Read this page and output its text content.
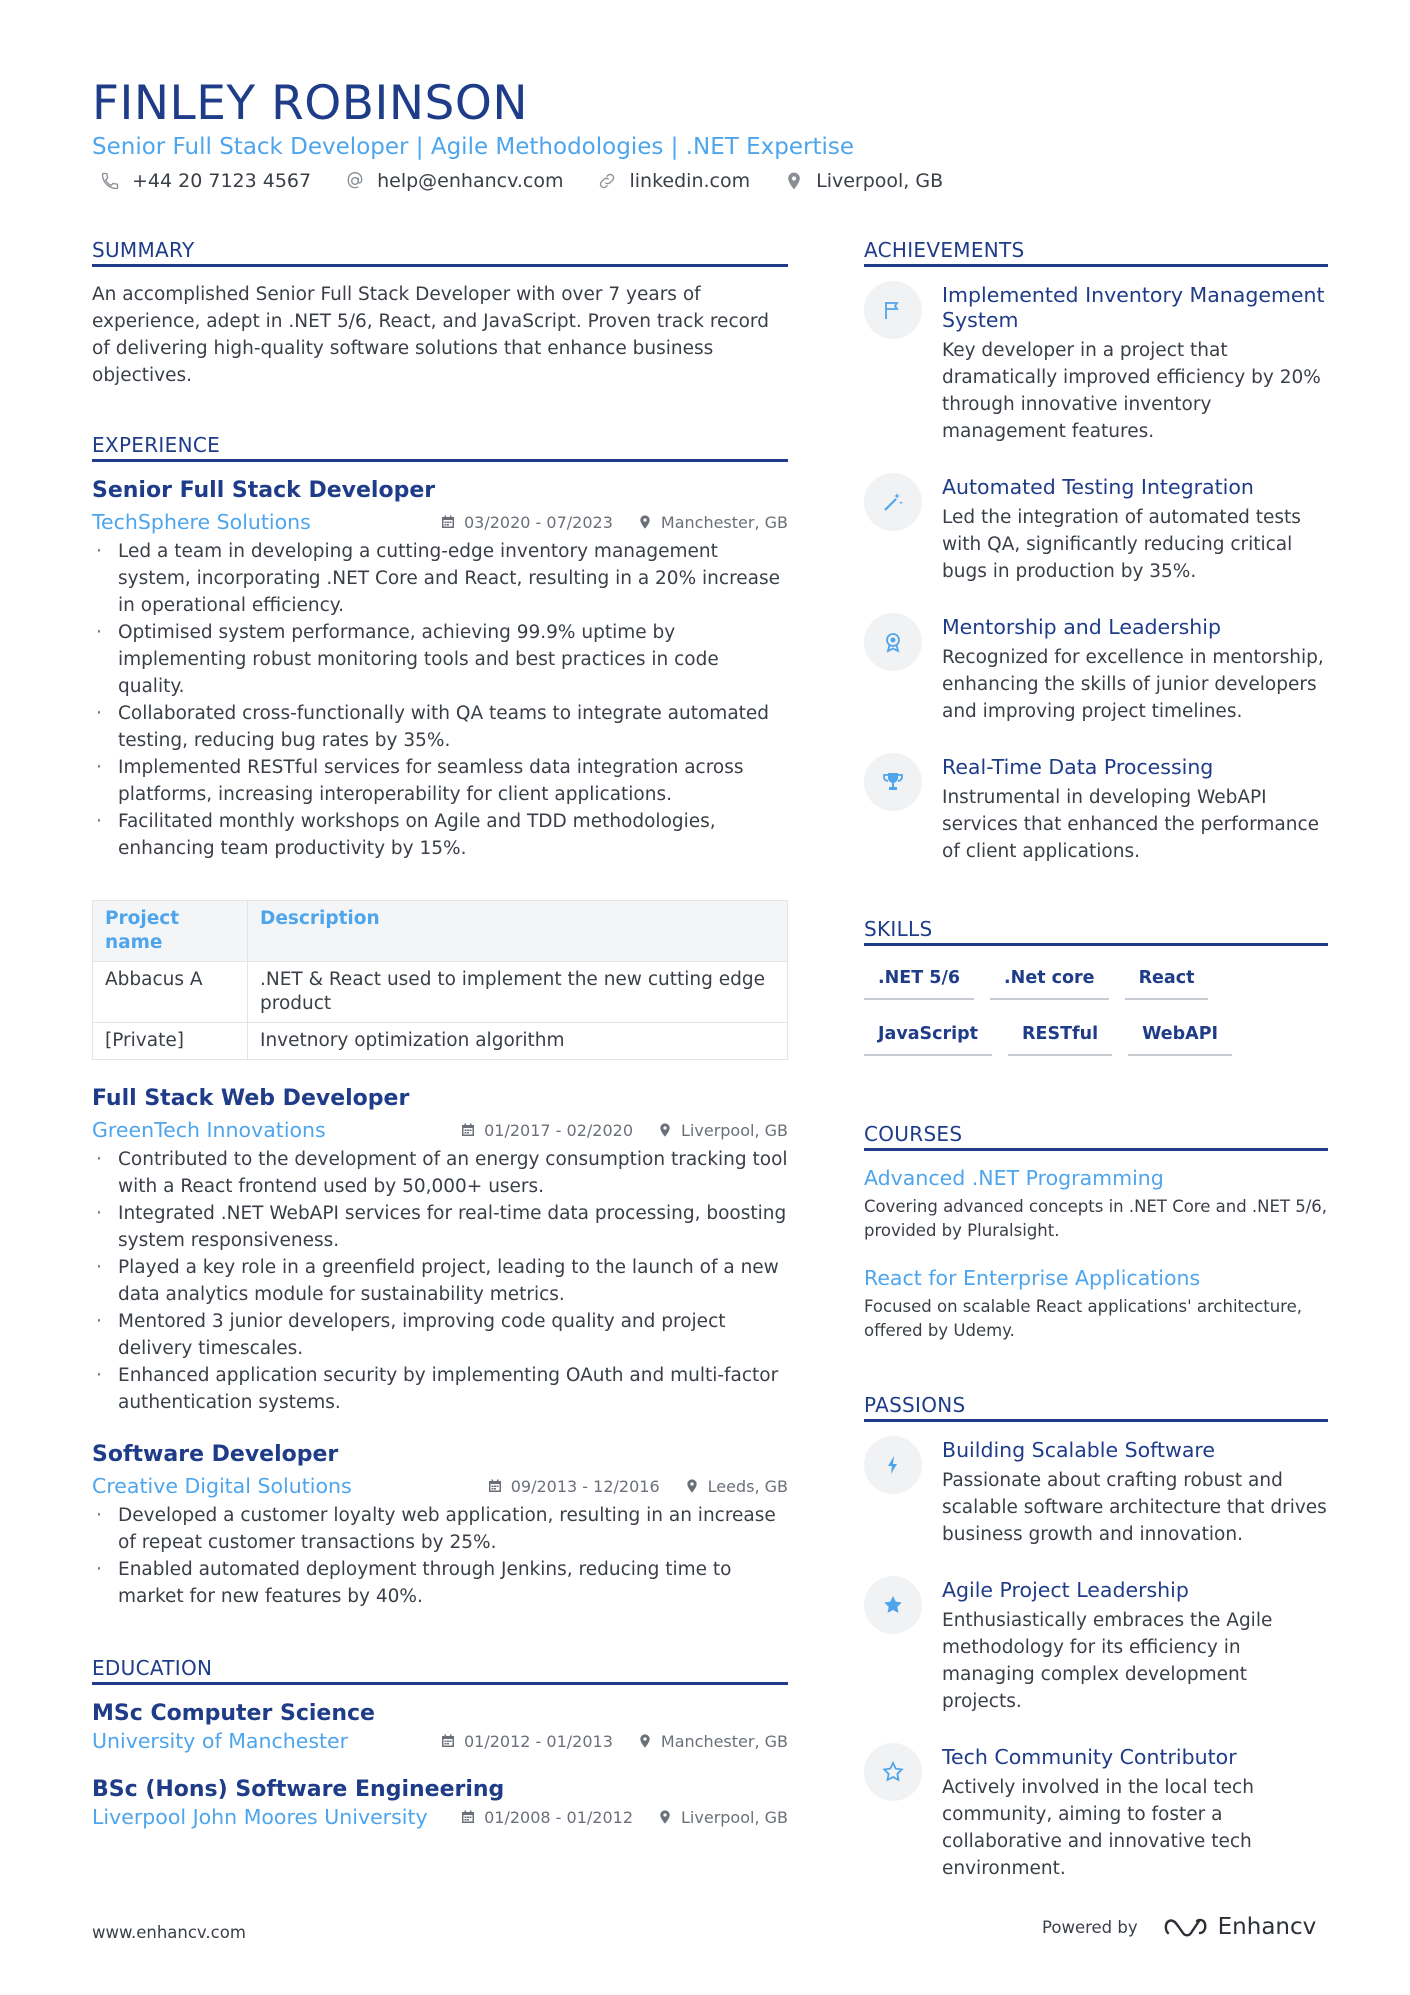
FINLEY ROBINSON
Senior Full Stack Developer | Agile Methodologies | .NET Expertise
+44 20 7123 4567	help@enhancv.com	linkedin.com	Liverpool, GB
SUMMARY
An accomplished Senior Full Stack Developer with over 7 years of experience, adept in .NET 5/6, React, and JavaScript. Proven track record of delivering high-quality software solutions that enhance business objectives.
EXPERIENCE
Senior Full Stack Developer
TechSphere Solutions	03/2020 - 07/2023	Manchester, GB
· Led a team in developing a cutting-edge inventory management system, incorporating .NET Core and React, resulting in a 20% increase in operational efficiency.
· Optimised system performance, achieving 99.9% uptime by implementing robust monitoring tools and best practices in code quality.
· Collaborated cross-functionally with QA teams to integrate automated testing, reducing bug rates by 35%.
· Implemented RESTful services for seamless data integration across platforms, increasing interoperability for client applications.
· Facilitated monthly workshops on Agile and TDD methodologies, enhancing team productivity by 15%.
Project name	Description
Abbacus A	.NET & React used to implement the new cutting edge product
[Private]	Invetnory optimization algorithm
Full Stack Web Developer
GreenTech Innovations	01/2017 - 02/2020	Liverpool, GB
· Contributed to the development of an energy consumption tracking tool with a React frontend used by 50,000+ users.
· Integrated .NET WebAPI services for real-time data processing, boosting system responsiveness.
· Played a key role in a greenfield project, leading to the launch of a new data analytics module for sustainability metrics.
· Mentored 3 junior developers, improving code quality and project delivery timescales.
· Enhanced application security by implementing OAuth and multi-factor authentication systems.
Software Developer
Creative Digital Solutions	09/2013 - 12/2016	Leeds, GB
· Developed a customer loyalty web application, resulting in an increase of repeat customer transactions by 25%.
· Enabled automated deployment through Jenkins, reducing time to market for new features by 40%.
EDUCATION
MSc Computer Science
University of Manchester	01/2012 - 01/2013	Manchester, GB
BSc (Hons) Software Engineering
Liverpool John Moores University	01/2008 - 01/2012	Liverpool, GB
ACHIEVEMENTS
Implemented Inventory Management System
Key developer in a project that dramatically improved efficiency by 20% through innovative inventory management features.
Automated Testing Integration
Led the integration of automated tests with QA, significantly reducing critical bugs in production by 35%.
Mentorship and Leadership
Recognized for excellence in mentorship, enhancing the skills of junior developers and improving project timelines.
Real-Time Data Processing
Instrumental in developing WebAPI services that enhanced the performance of client applications.
SKILLS
.NET 5/6	.Net core	React
JavaScript	RESTful	WebAPI
COURSES
Advanced .NET Programming
Covering advanced concepts in .NET Core and .NET 5/6, provided by Pluralsight.
React for Enterprise Applications
Focused on scalable React applications' architecture, offered by Udemy.
PASSIONS
Building Scalable Software
Passionate about crafting robust and scalable software architecture that drives business growth and innovation.
Agile Project Leadership
Enthusiastically embraces the Agile methodology for its efficiency in managing complex development projects.
Tech Community Contributor
Actively involved in the local tech community, aiming to foster a collaborative and innovative tech environment.
www.enhancv.com	Powered by	Enhancv
